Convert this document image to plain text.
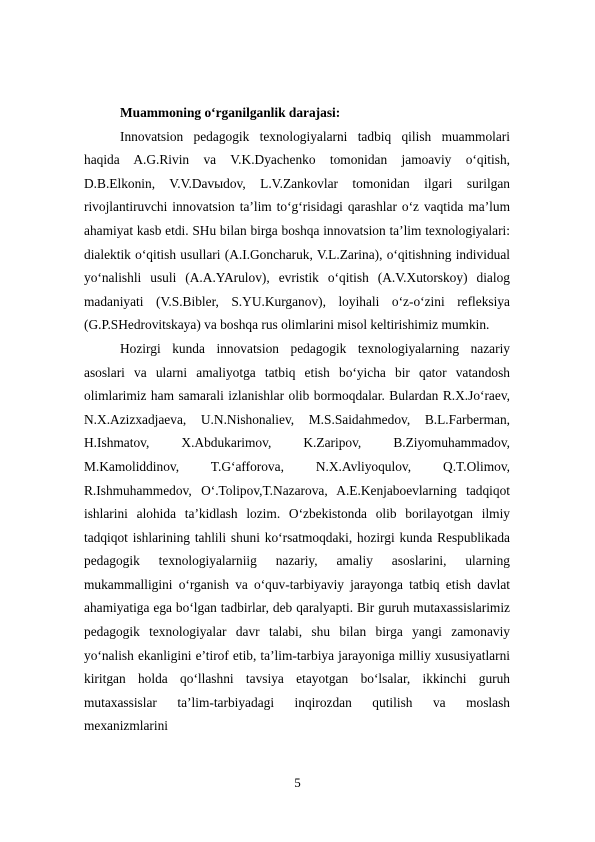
Muammoning o‘rganilganlik darajasi:

Innovatsion pedagogik texnologiyalarni tadbiq qilish muammolari haqida A.G.Rivin va V.K.Dyachenko tomonidan jamoaviy o‘qitish, D.B.Elkonin, V.V.Davыdov, L.V.Zankovlar tomonidan ilgari surilgan rivojlantiruvchi innovatsion ta’lim to‘g‘risidagi qarashlar o‘z vaqtida ma’lum ahamiyat kasb etdi. SHu bilan birga boshqa innovatsion ta’lim texnologiyalari: dialektik o‘qitish usullari (A.I.Goncharuk, V.L.Zarina), o‘qitishning individual yo‘nalishli usuli (A.A.YArulov), evristik o‘qitish (A.V.Xutorskoy) dialog madaniyati (V.S.Bibler, S.YU.Kurganov), loyihali o‘z-o‘zini refleksiya (G.P.SHedrovitskaya) va boshqa rus olimlarini misol keltirishimiz mumkin.

Hozirgi kunda innovatsion pedagogik texnologiyalarning nazariy asoslari va ularni amaliyotga tatbiq etish bo‘yicha bir qator vatandosh olimlarimiz ham samarali izlanishlar olib bormoqdalar. Bulardan R.X.Jo‘raev, N.X.Azizxadjaeva, U.N.Nishonaliev, M.S.Saidahmedov, B.L.Farberman, H.Ishmatov, X.Abdukarimov, K.Zaripov, B.Ziyomuhammadov, M.Kamoliddinov, T.G‘afforova, N.X.Avliyoqulov, Q.T.Olimov, R.Ishmuhammedov, O‘.Tolipov,T.Nazarova, A.E.Kenjaboevlarning tadqiqot ishlarini alohida ta’kidlash lozim. O‘zbekistonda olib borilayotgan ilmiy tadqiqot ishlarining tahlili shuni ko‘rsatmoqdaki, hozirgi kunda Respublikada pedagogik texnologiyalarniig nazariy, amaliy asoslarini, ularning mukammalligini o‘rganish va o‘quv-tarbiyaviy jarayonga tatbiq etish davlat ahamiyatiga ega bo‘lgan tadbirlar, deb qaralyapti. Bir guruh mutaxassislarimiz pedagogik texnologiyalar davr talabi, shu bilan birga yangi zamonaviy yo‘nalish ekanligini e’tirof etib, ta’lim-tarbiya jarayoniga milliy xususiyatlarni kiritgan holda qo‘llashni tavsiya etayotgan bo‘lsalar, ikkinchi guruh mutaxassislar ta’lim-tarbiyadagi inqirozdan qutilish va moslash mexanizmlarini

5
